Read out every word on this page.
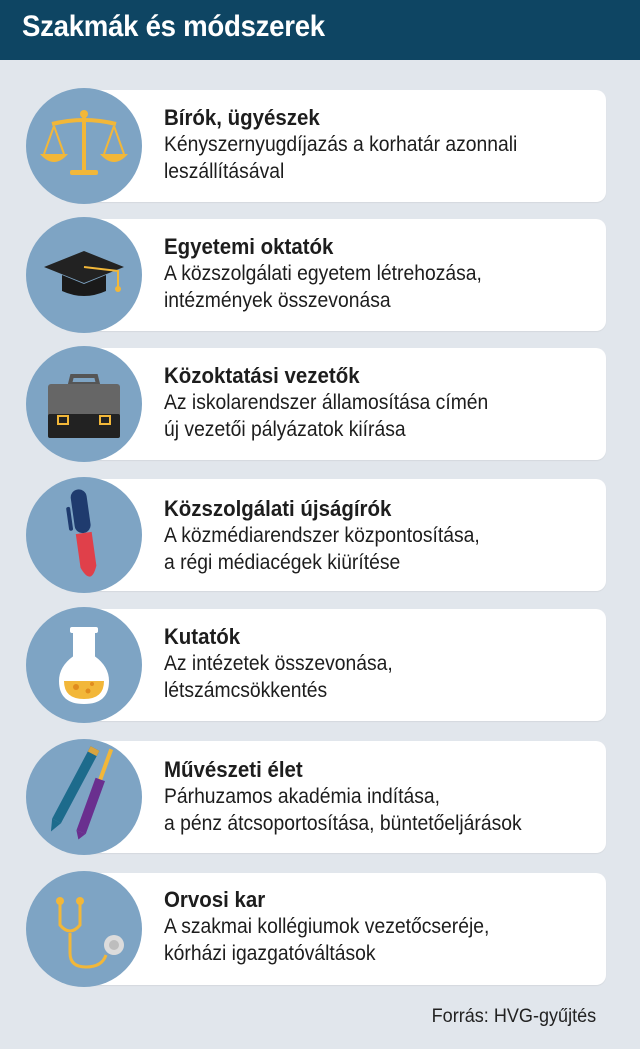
Szakmák és módszerek
Bírók, ügyészek
Kényszernyugdíjazás a korhatár azonnali
leszállításával
Egyetemi oktatók
A közszolgálati egyetem létrehozása,
intézmények összevonása
Közoktatási vezetők
Az iskolarendszer államosítása címén
új vezetői pályázatok kiírása
Közszolgálati újságírók
A közmédiarendszer központosítása,
a régi médiacégek kiürítése
Kutatók
Az intézetek összevonása,
létszámcsökkentés
Művészeti élet
Párhuzamos akadémia indítása,
a pénz átcsoportosítása, büntetőeljárások
Orvosi kar
A szakmai kollégiumok vezetőcseréje,
kórházi igazgatóváltások
Forrás: HVG-gyűjtés
